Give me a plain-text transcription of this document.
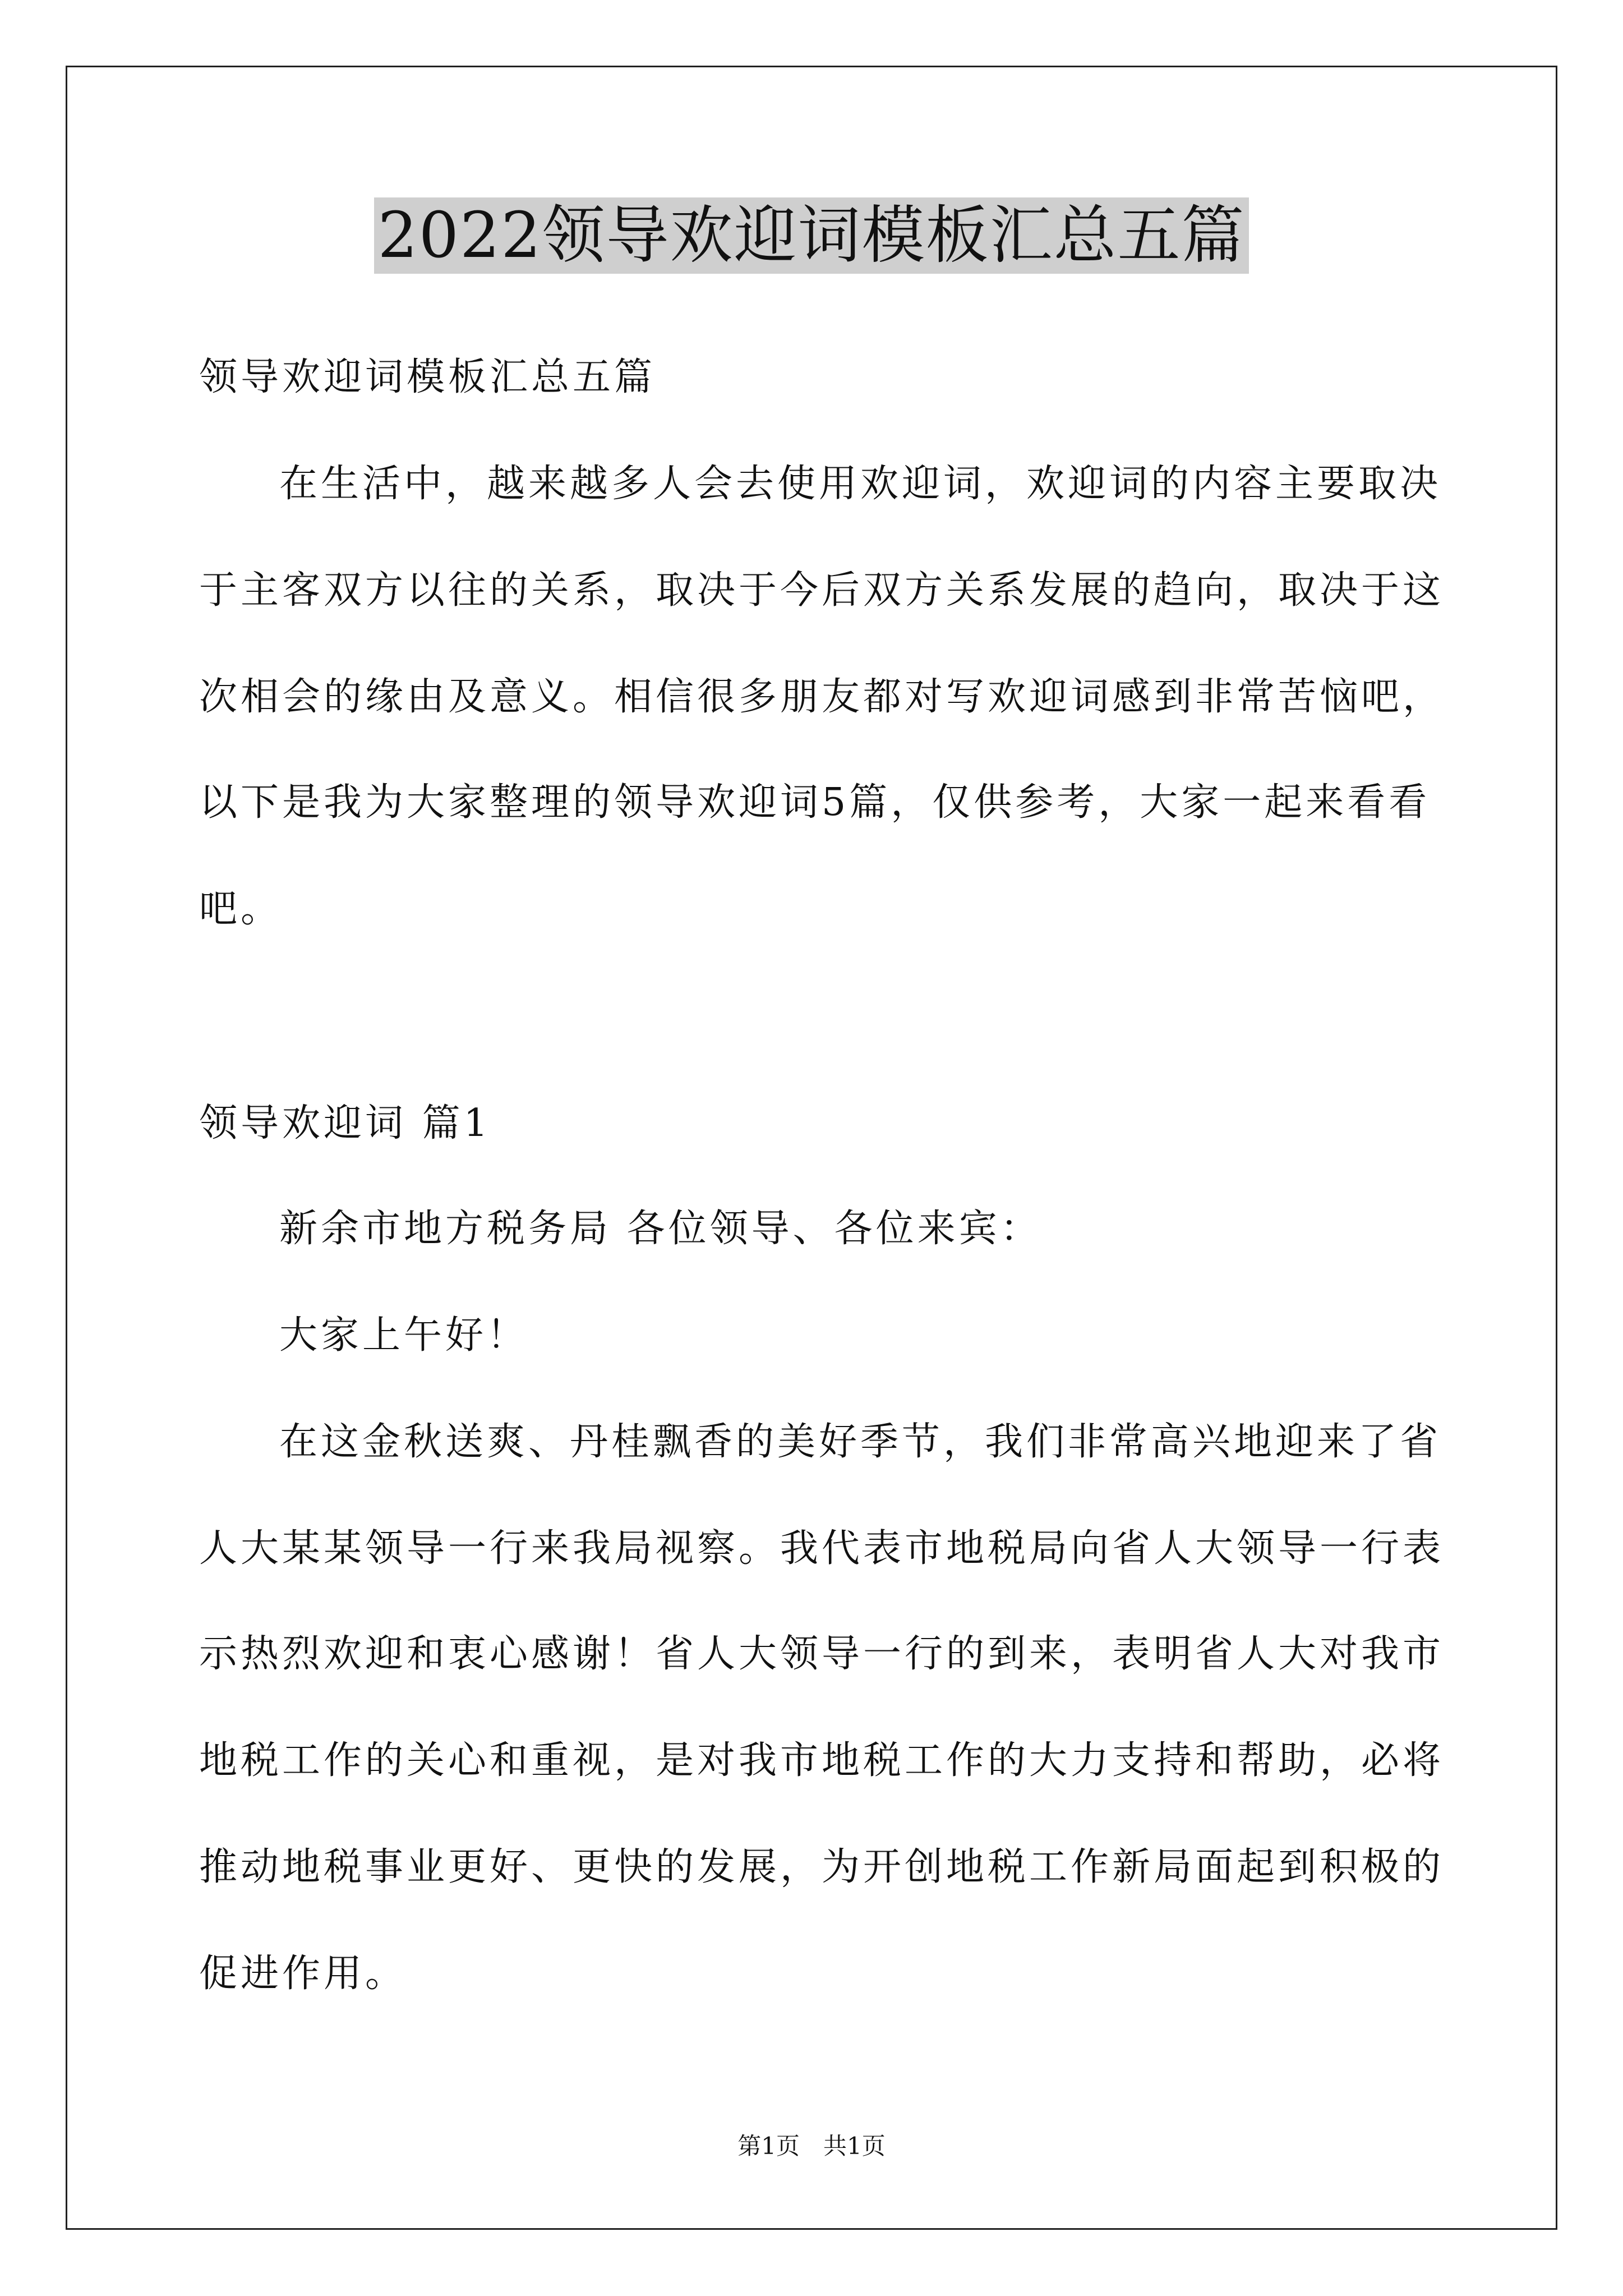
2022领导欢迎词模板汇总五篇
领导欢迎词模板汇总五篇
在生活中，越来越多人会去使用欢迎词，欢迎词的内容主要取决
于主客双方以往的关系，取决于今后双方关系发展的趋向，取决于这
次相会的缘由及意义。相信很多朋友都对写欢迎词感到非常苦恼吧，
以下是我为大家整理的领导欢迎词5篇，仅供参考，大家一起来看看
吧。
领导欢迎词 篇1
新余市地方税务局 各位领导、各位来宾：
大家上午好！
在这金秋送爽、丹桂飘香的美好季节，我们非常高兴地迎来了省
人大某某领导一行来我局视察。我代表市地税局向省人大领导一行表
示热烈欢迎和衷心感谢！省人大领导一行的到来，表明省人大对我市
地税工作的关心和重视，是对我市地税工作的大力支持和帮助，必将
推动地税事业更好、更快的发展，为开创地税工作新局面起到积极的
促进作用。
第1页　共1页
